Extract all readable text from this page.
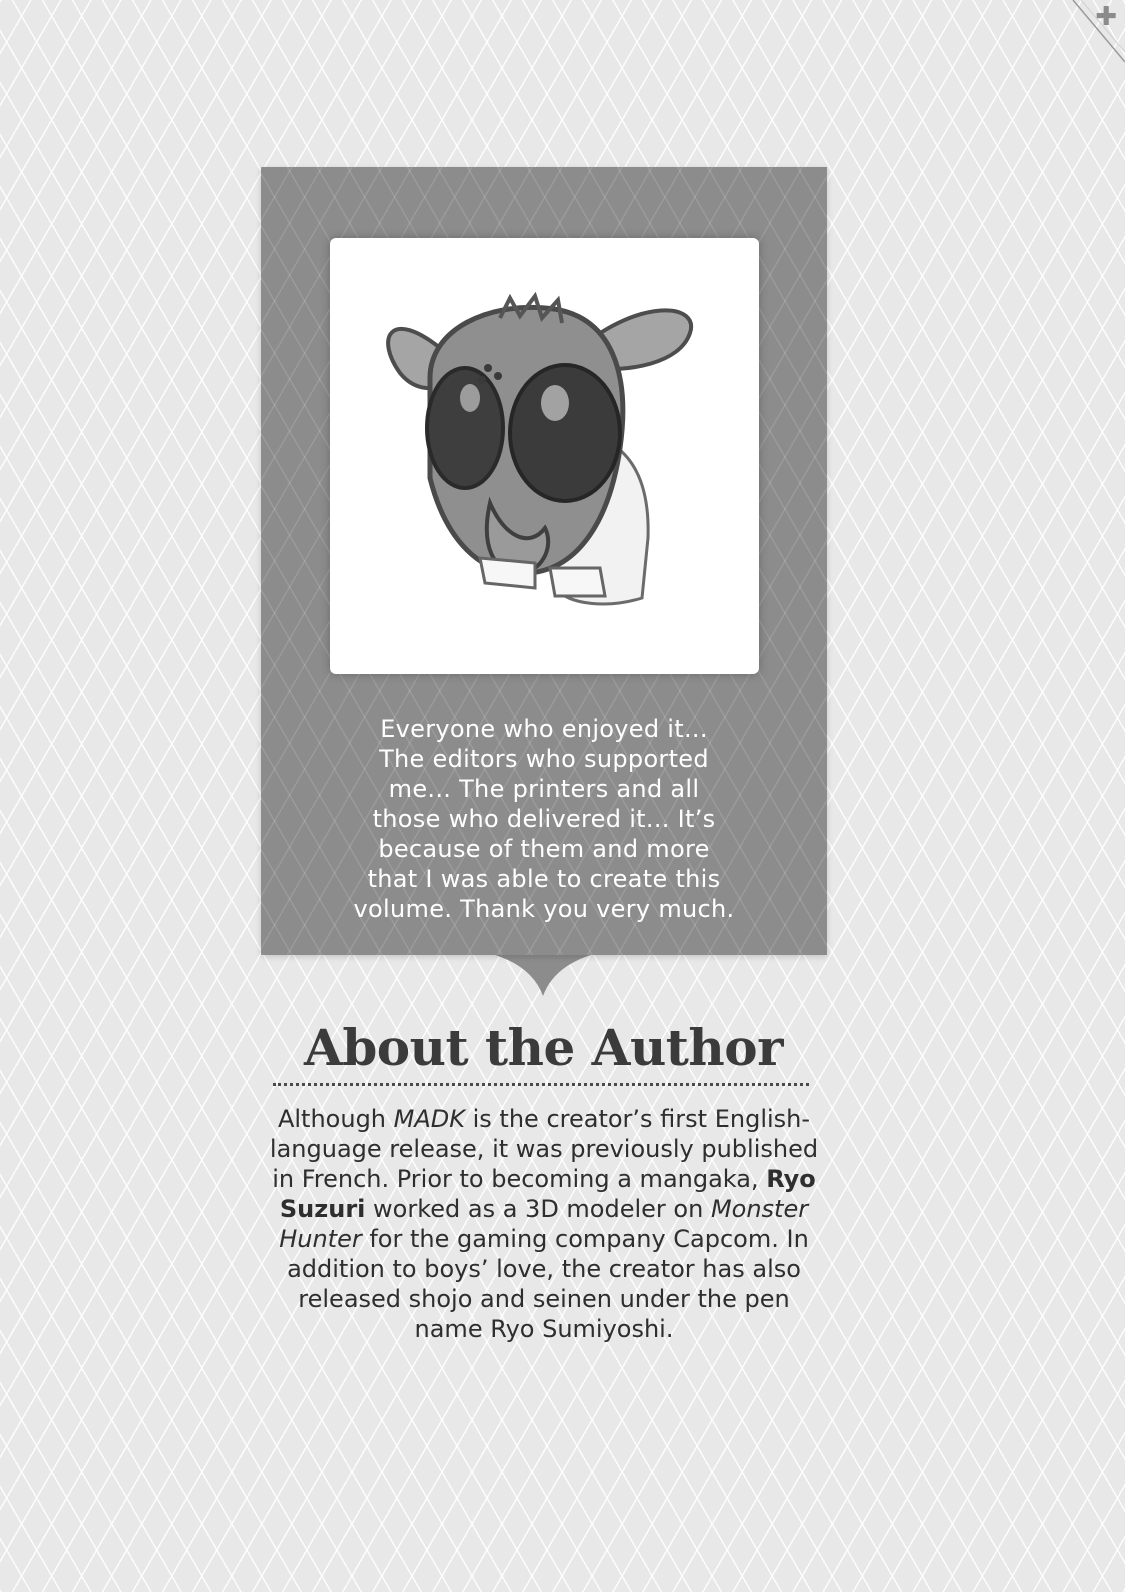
✚
Everyone who enjoyed it...
The editors who supported
me... The printers and all
those who delivered it... It’s
because of them and more
that I was able to create this
volume. Thank you very much.
About the Author
Although MADK is the creator’s first English-language release, it was previously published in French. Prior to becoming a mangaka, Ryo Suzuri worked as a 3D modeler on Monster Hunter for the gaming company Capcom. In addition to boys’ love, the creator has also released shojo and seinen under the pen name Ryo Sumiyoshi.
